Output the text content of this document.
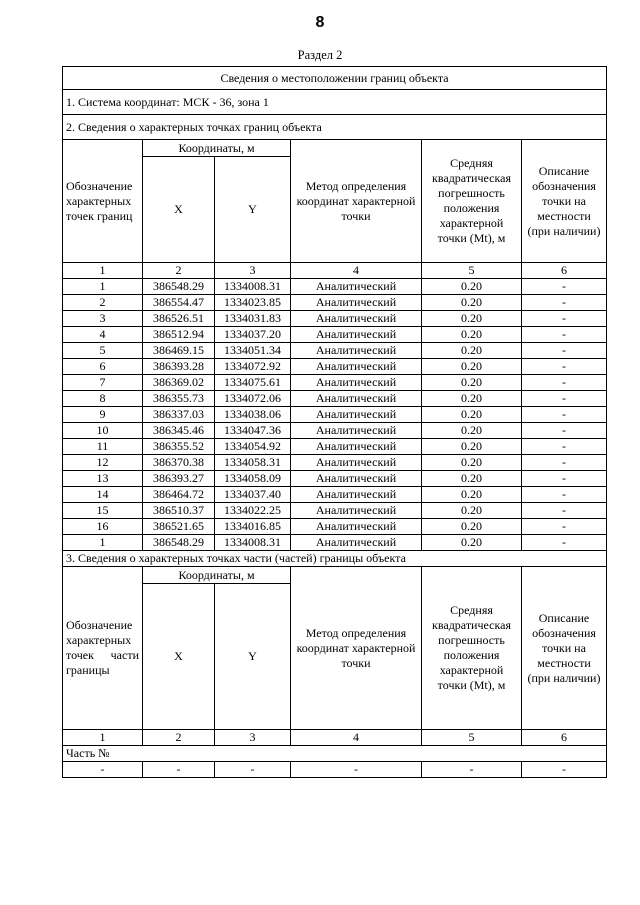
8
Раздел 2
Сведения о местоположении границ объекта					
1. Система координат: МСК - 36, зона 1					
2. Сведения о характерных точках границ объекта					
Обозначение характерных точек границ	Координаты, м		Метод определения координат характерной точки	Средняя квадратическая погрешность положения характерной точки (Mt), м	Описание обозначения точки на местности (при наличии)
	X	Y			
1	2	3	4	5	6
1	386548.29	1334008.31	Аналитический	0.20	-
2	386554.47	1334023.85	Аналитический	0.20	-
3	386526.51	1334031.83	Аналитический	0.20	-
4	386512.94	1334037.20	Аналитический	0.20	-
5	386469.15	1334051.34	Аналитический	0.20	-
6	386393.28	1334072.92	Аналитический	0.20	-
7	386369.02	1334075.61	Аналитический	0.20	-
8	386355.73	1334072.06	Аналитический	0.20	-
9	386337.03	1334038.06	Аналитический	0.20	-
10	386345.46	1334047.36	Аналитический	0.20	-
11	386355.52	1334054.92	Аналитический	0.20	-
12	386370.38	1334058.31	Аналитический	0.20	-
13	386393.27	1334058.09	Аналитический	0.20	-
14	386464.72	1334037.40	Аналитический	0.20	-
15	386510.37	1334022.25	Аналитический	0.20	-
16	386521.65	1334016.85	Аналитический	0.20	-
1	386548.29	1334008.31	Аналитический	0.20	-
3. Сведения о характерных точках части (частей) границы объекта					
Обозначение характерных точек части границы	Координаты, м		Метод определения координат характерной точки	Средняя квадратическая погрешность положения характерной точки (Mt), м	Описание обозначения точки на местности (при наличии)
	X	Y			
1	2	3	4	5	6
Часть №					
-	-	-	-	-	-
